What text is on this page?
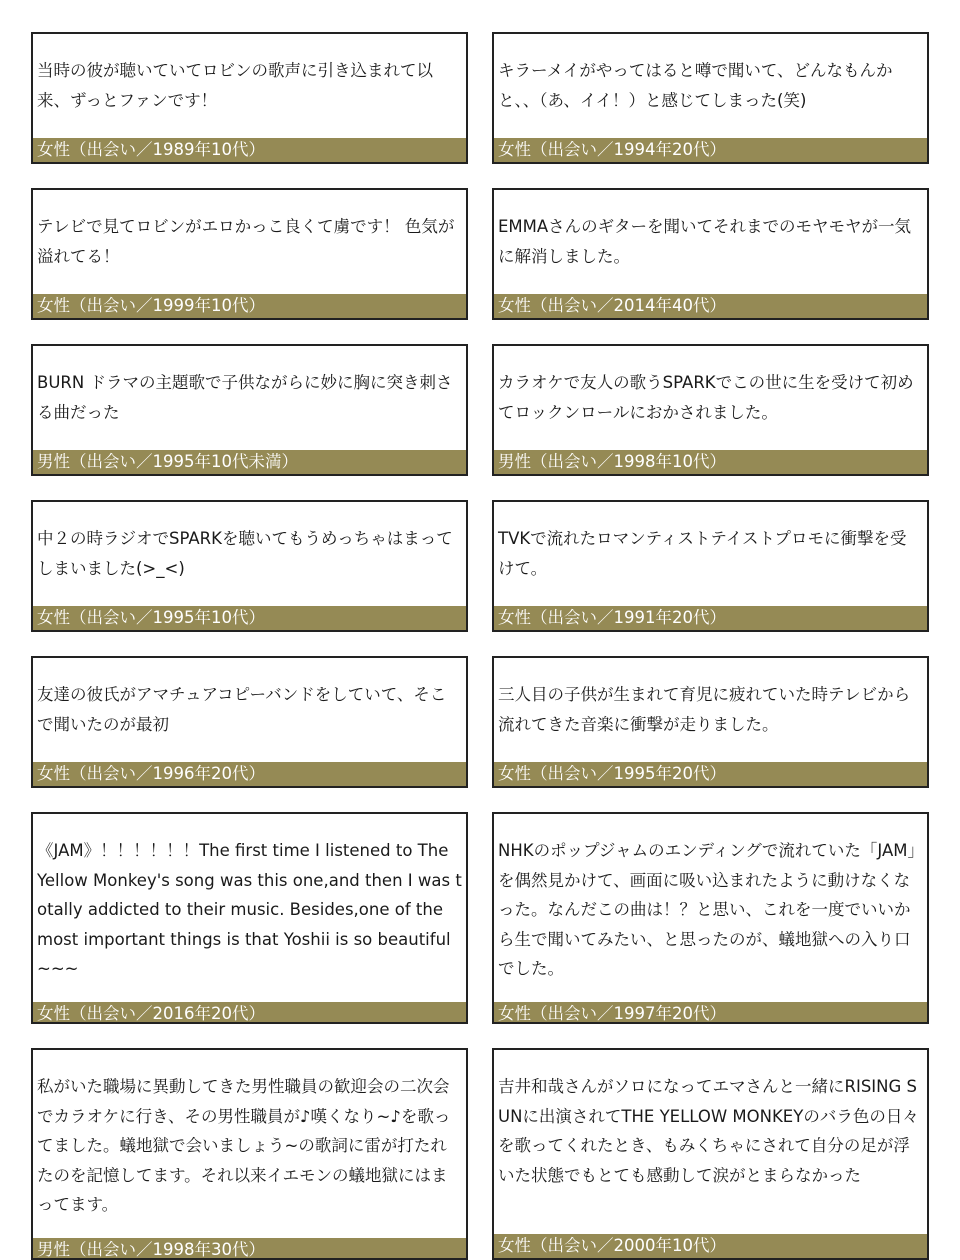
当時の彼が聴いていてロビンの歌声に引き込まれて以来、ずっとファンです！
女性（出会い／1989年10代）
キラーメイがやってはると噂で聞いて、どんなもんかと、、（あ、イイ！）と感じてしまった(笑)
女性（出会い／1994年20代）
テレビで見てロビンがエロかっこ良くて虜です！ 色気が溢れてる！
女性（出会い／1999年10代）
EMMAさんのギターを聞いてそれまでのモヤモヤが一気に解消しました。
女性（出会い／2014年40代）
BURN ドラマの主題歌で子供ながらに妙に胸に突き刺さる曲だった
男性（出会い／1995年10代未満）
カラオケで友人の歌うSPARKでこの世に生を受けて初めてロックンロールにおかされました。
男性（出会い／1998年10代）
中２の時ラジオでSPARKを聴いてもうめっちゃはまってしまいました(>_<)
女性（出会い／1995年10代）
TVKで流れたロマンティストテイストプロモに衝撃を受けて。
女性（出会い／1991年20代）
友達の彼氏がアマチュアコピーバンドをしていて、そこで聞いたのが最初
女性（出会い／1996年20代）
三人目の子供が生まれて育児に疲れていた時テレビから流れてきた音楽に衝撃が走りました。
女性（出会い／1995年20代）
《JAM》！！！！！！The first time I listened to The Yellow Monkey's song was this one,and then I was totally addicted to their music. Besides,one of the most important things is that Yoshii is so beautiful~~~
女性（出会い／2016年20代）
NHKのポップジャムのエンディングで流れていた「JAM」を偶然見かけて、画面に吸い込まれたように動けなくなった。なんだこの曲は！？と思い、これを一度でいいから生で聞いてみたい、と思ったのが、蟻地獄への入り口でした。
女性（出会い／1997年20代）
私がいた職場に異動してきた男性職員の歓迎会の二次会でカラオケに行き、その男性職員が♪嘆くなり~♪を歌ってました。蟻地獄で会いましょう~の歌詞に雷が打たれたのを記憶してます。それ以来イエモンの蟻地獄にはまってます。
男性（出会い／1998年30代）
吉井和哉さんがソロになってエマさんと一緒にRISING SUNに出演されてTHE YELLOW MONKEYのバラ色の日々を歌ってくれたとき、もみくちゃにされて自分の足が浮いた状態でもとても感動して涙がとまらなかった
女性（出会い／2000年10代）
